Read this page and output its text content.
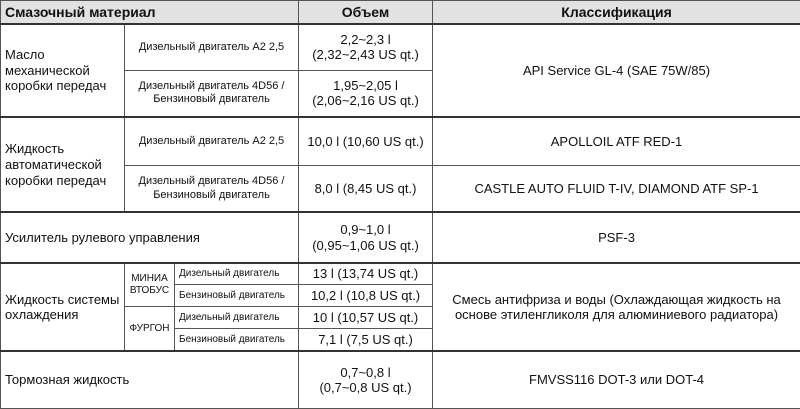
Смазочный материал			Объем	Классификация
Масло механической коробки передач	Дизельный двигатель A2 2,5		2,2~2,3 l
(2,32~2,43 US qt.)	API Service GL-4 (SAE 75W/85)
	Дизельный двигатель 4D56 / Бензиновый двигатель		1,95~2,05 l
(2,06~2,16 US qt.)	

Жидкость автоматической коробки передач	Дизельный двигатель A2 2,5		10,0 l (10,60 US qt.)	APOLLOIL ATF RED-1
	Дизельный двигатель 4D56 / Бензиновый двигатель		8,0 l (8,45 US qt.)	CASTLE AUTO FLUID T-IV, DIAMOND ATF SP-1
Усилитель рулевого управления			0,9~1,0 l
(0,95~1,06 US qt.)	PSF-3
Жидкость системы охлаждения	МИНИАВТОБУС	Дизельный двигатель	13 l (13,74 US qt.)	Смесь антифриза и воды (Охлаждающая жидкость на основе этиленгликоля для алюминиевого радиатора)
		Бензиновый двигатель	10,2 l (10,8 US qt.)	
	ФУРГОН	Дизельный двигатель	10 l (10,57 US qt.)	
		Бензиновый двигатель	7,1 l (7,5 US qt.)	
Тормозная жидкость			0,7~0,8 l
(0,7~0,8 US qt.)	FMVSS116 DOT-3 или DOT-4
